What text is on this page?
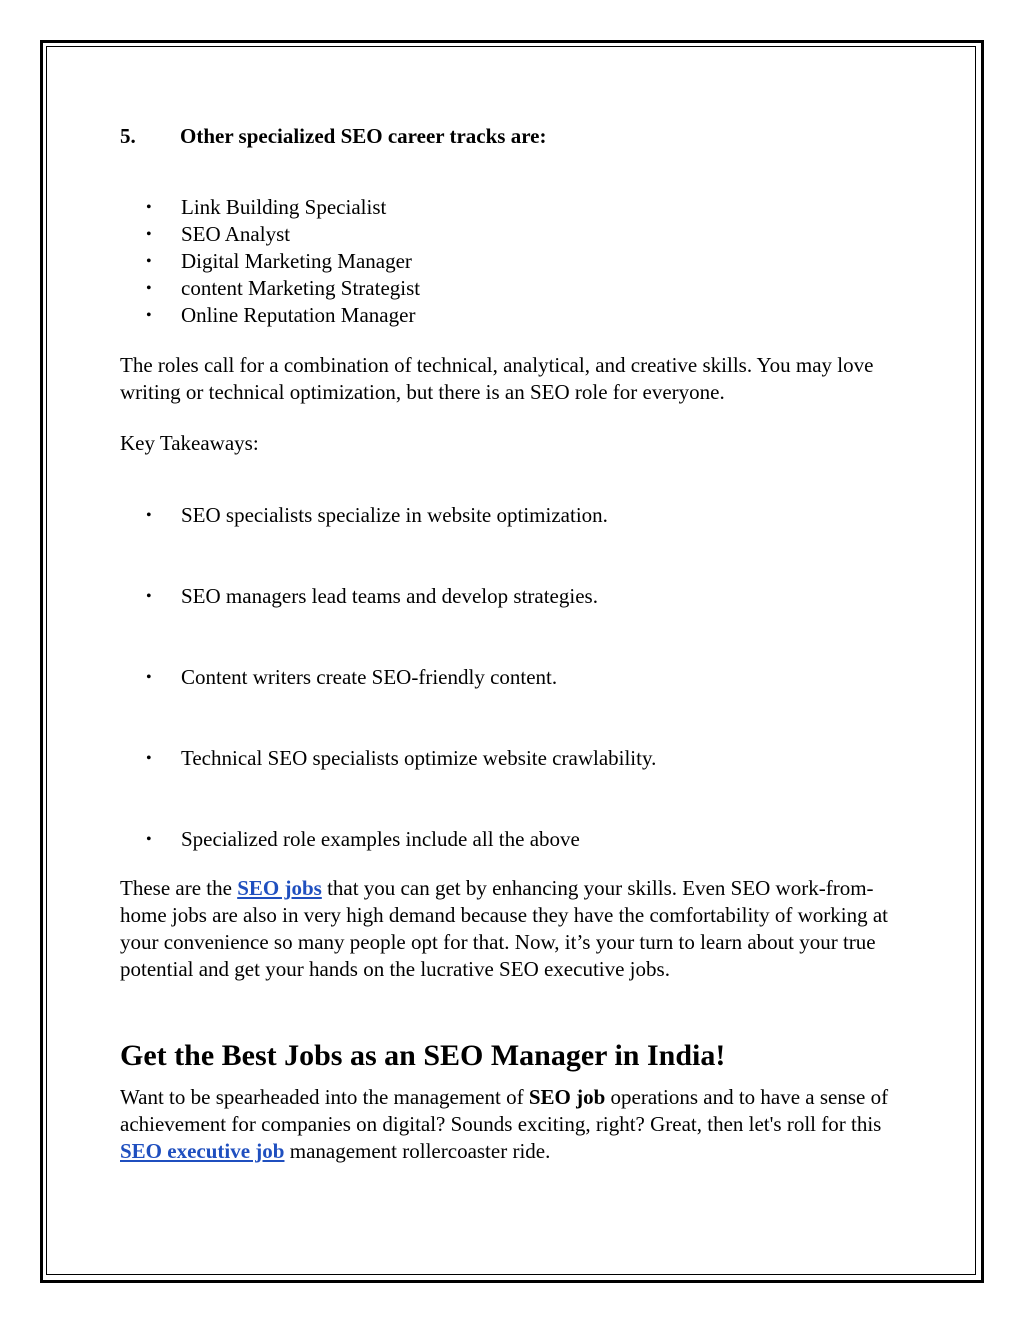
5. Other specialized SEO career tracks are:
• Link Building Specialist
• SEO Analyst
• Digital Marketing Manager
• content Marketing Strategist
• Online Reputation Manager
The roles call for a combination of technical, analytical, and creative skills. You may love writing or technical optimization, but there is an SEO role for everyone.
Key Takeaways:
• SEO specialists specialize in website optimization.
• SEO managers lead teams and develop strategies.
• Content writers create SEO-friendly content.
• Technical SEO specialists optimize website crawlability.
• Specialized role examples include all the above
These are the SEO jobs that you can get by enhancing your skills. Even SEO work-from-home jobs are also in very high demand because they have the comfortability of working at your convenience so many people opt for that. Now, it’s your turn to learn about your true potential and get your hands on the lucrative SEO executive jobs.
Get the Best Jobs as an SEO Manager in India!
Want to be spearheaded into the management of SEO job operations and to have a sense of achievement for companies on digital? Sounds exciting, right? Great, then let's roll for this SEO executive job management rollercoaster ride.
